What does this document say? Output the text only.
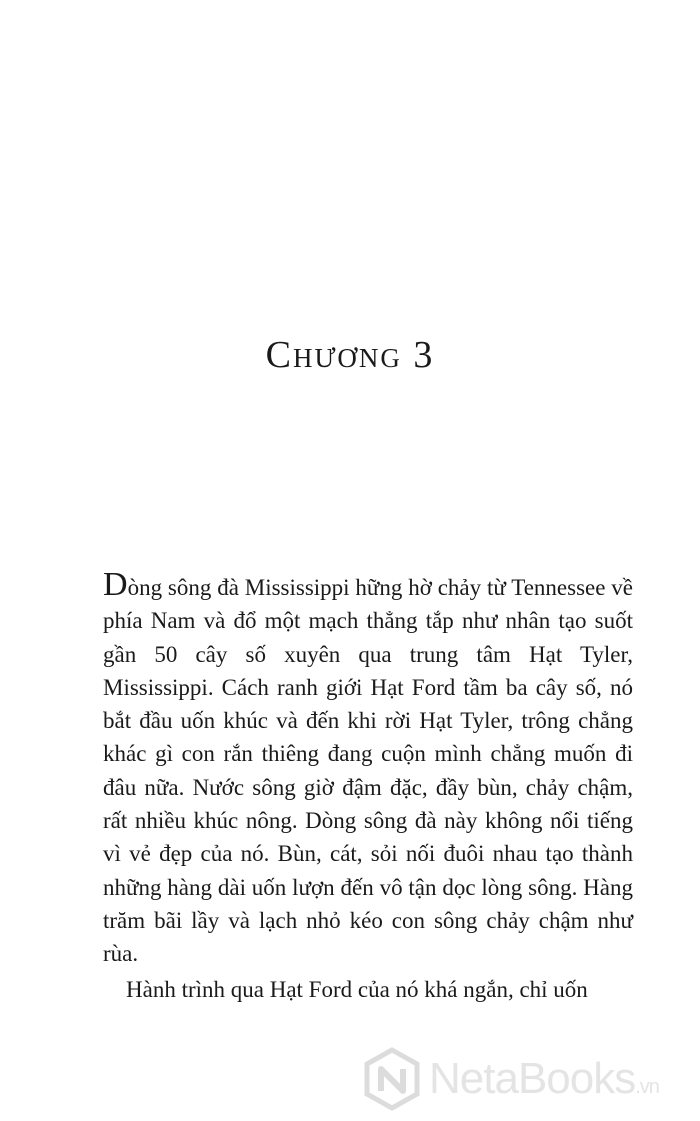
Chương 3

Dòng sông đà Mississippi hững hờ chảy từ Tennessee về phía Nam và đổ một mạch thẳng tắp như nhân tạo suốt gần 50 cây số xuyên qua trung tâm Hạt Tyler, Mississippi. Cách ranh giới Hạt Ford tầm ba cây số, nó bắt đầu uốn khúc và đến khi rời Hạt Tyler, trông chẳng khác gì con rắn thiêng đang cuộn mình chẳng muốn đi đâu nữa. Nước sông giờ đậm đặc, đầy bùn, chảy chậm, rất nhiều khúc nông. Dòng sông đà này không nổi tiếng vì vẻ đẹp của nó. Bùn, cát, sỏi nối đuôi nhau tạo thành những hàng dài uốn lượn đến vô tận dọc lòng sông. Hàng trăm bãi lầy và lạch nhỏ kéo con sông chảy chậm như rùa.

Hành trình qua Hạt Ford của nó khá ngắn, chỉ uốn

NetaBooks.vn
